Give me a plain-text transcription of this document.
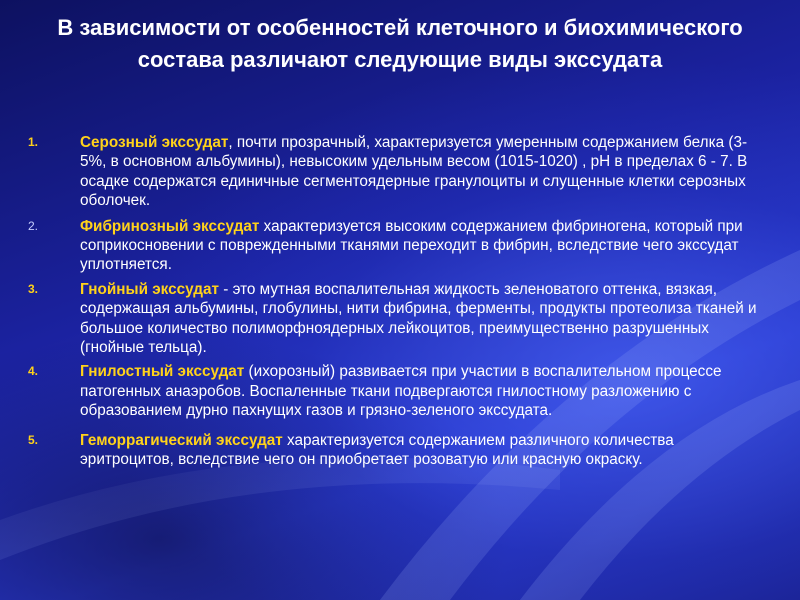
В зависимости от особенностей клеточного и биохимического состава различают следующие виды экссудата
1.	Серозный экссудат, почти прозрачный, характеризуется умеренным содержанием белка (3-5%, в основном альбумины), невысоким удельным весом (1015-1020) , pH в пределах 6 - 7. В осадке содержатся единичные сегментоядерные гранулоциты и слущенные клетки серозных оболочек.
2.	Фибринозный экссудат характеризуется высоким содержанием фибриногена, который при соприкосновении с поврежденными тканями переходит в фибрин, вследствие чего экссудат уплотняется.
3.	Гнойный экссудат - это мутная воспалительная жидкость зеленоватого оттенка, вязкая, содержащая альбумины, глобулины, нити фибрина, ферменты, продукты протеолиза тканей и большое количество полиморфноядерных лейкоцитов, преимущественно разрушенных (гнойные тельца).
4.	Гнилостный экссудат (ихорозный) развивается при участии в воспалительном процессе патогенных анаэробов. Воспаленные ткани подвергаются гнилостному разложению с образованием дурно пахнущих газов и грязно-зеленого экссудата.
5.	Геморрагический экссудат характеризуется содержанием различного количества эритроцитов, вследствие чего он приобретает розоватую или красную окраску.
